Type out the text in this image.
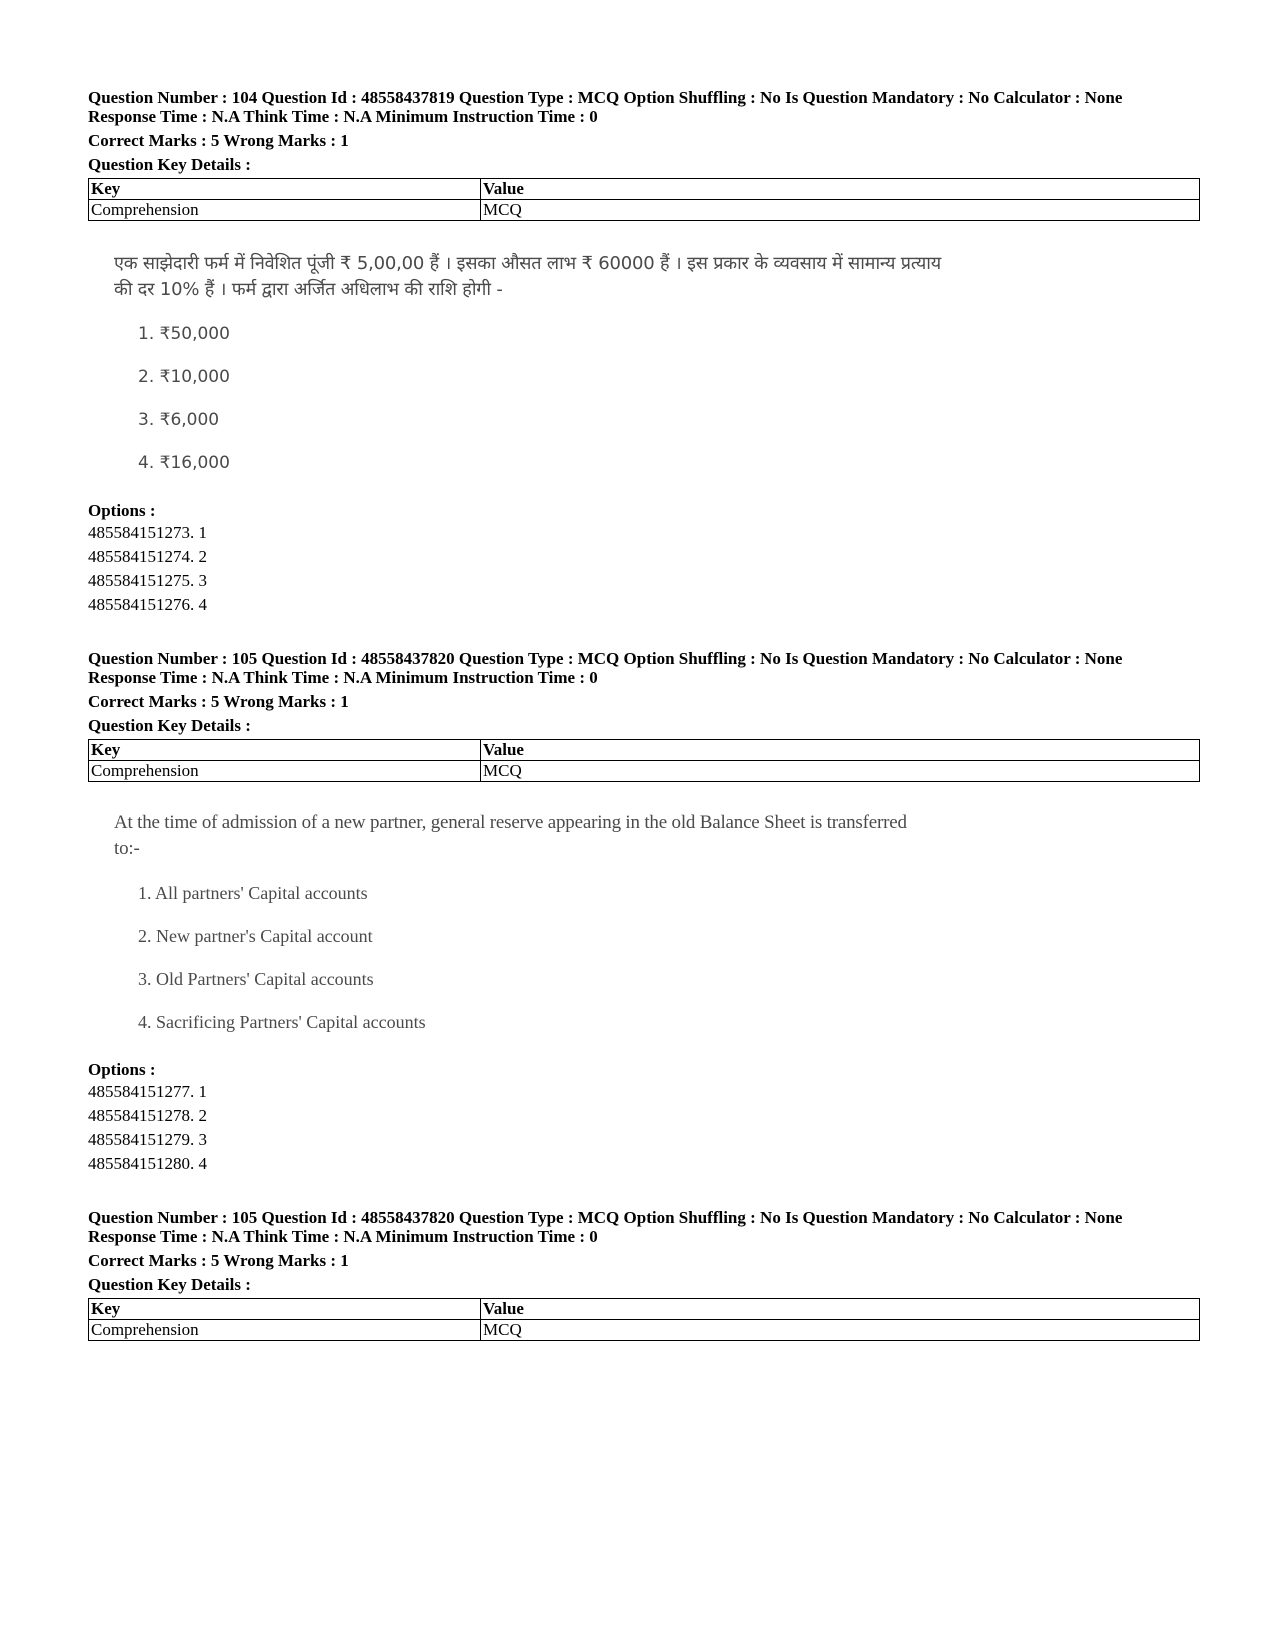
Question Number : 104 Question Id : 48558437819 Question Type : MCQ Option Shuffling : No Is Question Mandatory : No Calculator : None
Response Time : N.A Think Time : N.A Minimum Instruction Time : 0
Correct Marks : 5 Wrong Marks : 1
Question Key Details :
Key	Value
Comprehension	MCQ
एक साझेदारी फर्म में निवेशित पूंजी ₹ 5,00,00 हैं । इसका औसत लाभ ₹ 60000 हैं । इस प्रकार के व्यवसाय में सामान्य प्रत्याय
की दर 10% हैं । फर्म द्वारा अर्जित अधिलाभ की राशि होगी -
1. ₹50,000
2. ₹10,000
3. ₹6,000
4. ₹16,000
Options :
485584151273. 1
485584151274. 2
485584151275. 3
485584151276. 4
Question Number : 105 Question Id : 48558437820 Question Type : MCQ Option Shuffling : No Is Question Mandatory : No Calculator : None
Response Time : N.A Think Time : N.A Minimum Instruction Time : 0
Correct Marks : 5 Wrong Marks : 1
Question Key Details :
Key	Value
Comprehension	MCQ
At the time of admission of a new partner, general reserve appearing in the old Balance Sheet is transferred
to:-
1. All partners' Capital accounts
2. New partner's Capital account
3. Old Partners' Capital accounts
4. Sacrificing Partners' Capital accounts
Options :
485584151277. 1
485584151278. 2
485584151279. 3
485584151280. 4
Question Number : 105 Question Id : 48558437820 Question Type : MCQ Option Shuffling : No Is Question Mandatory : No Calculator : None
Response Time : N.A Think Time : N.A Minimum Instruction Time : 0
Correct Marks : 5 Wrong Marks : 1
Question Key Details :
Key	Value
Comprehension	MCQ
